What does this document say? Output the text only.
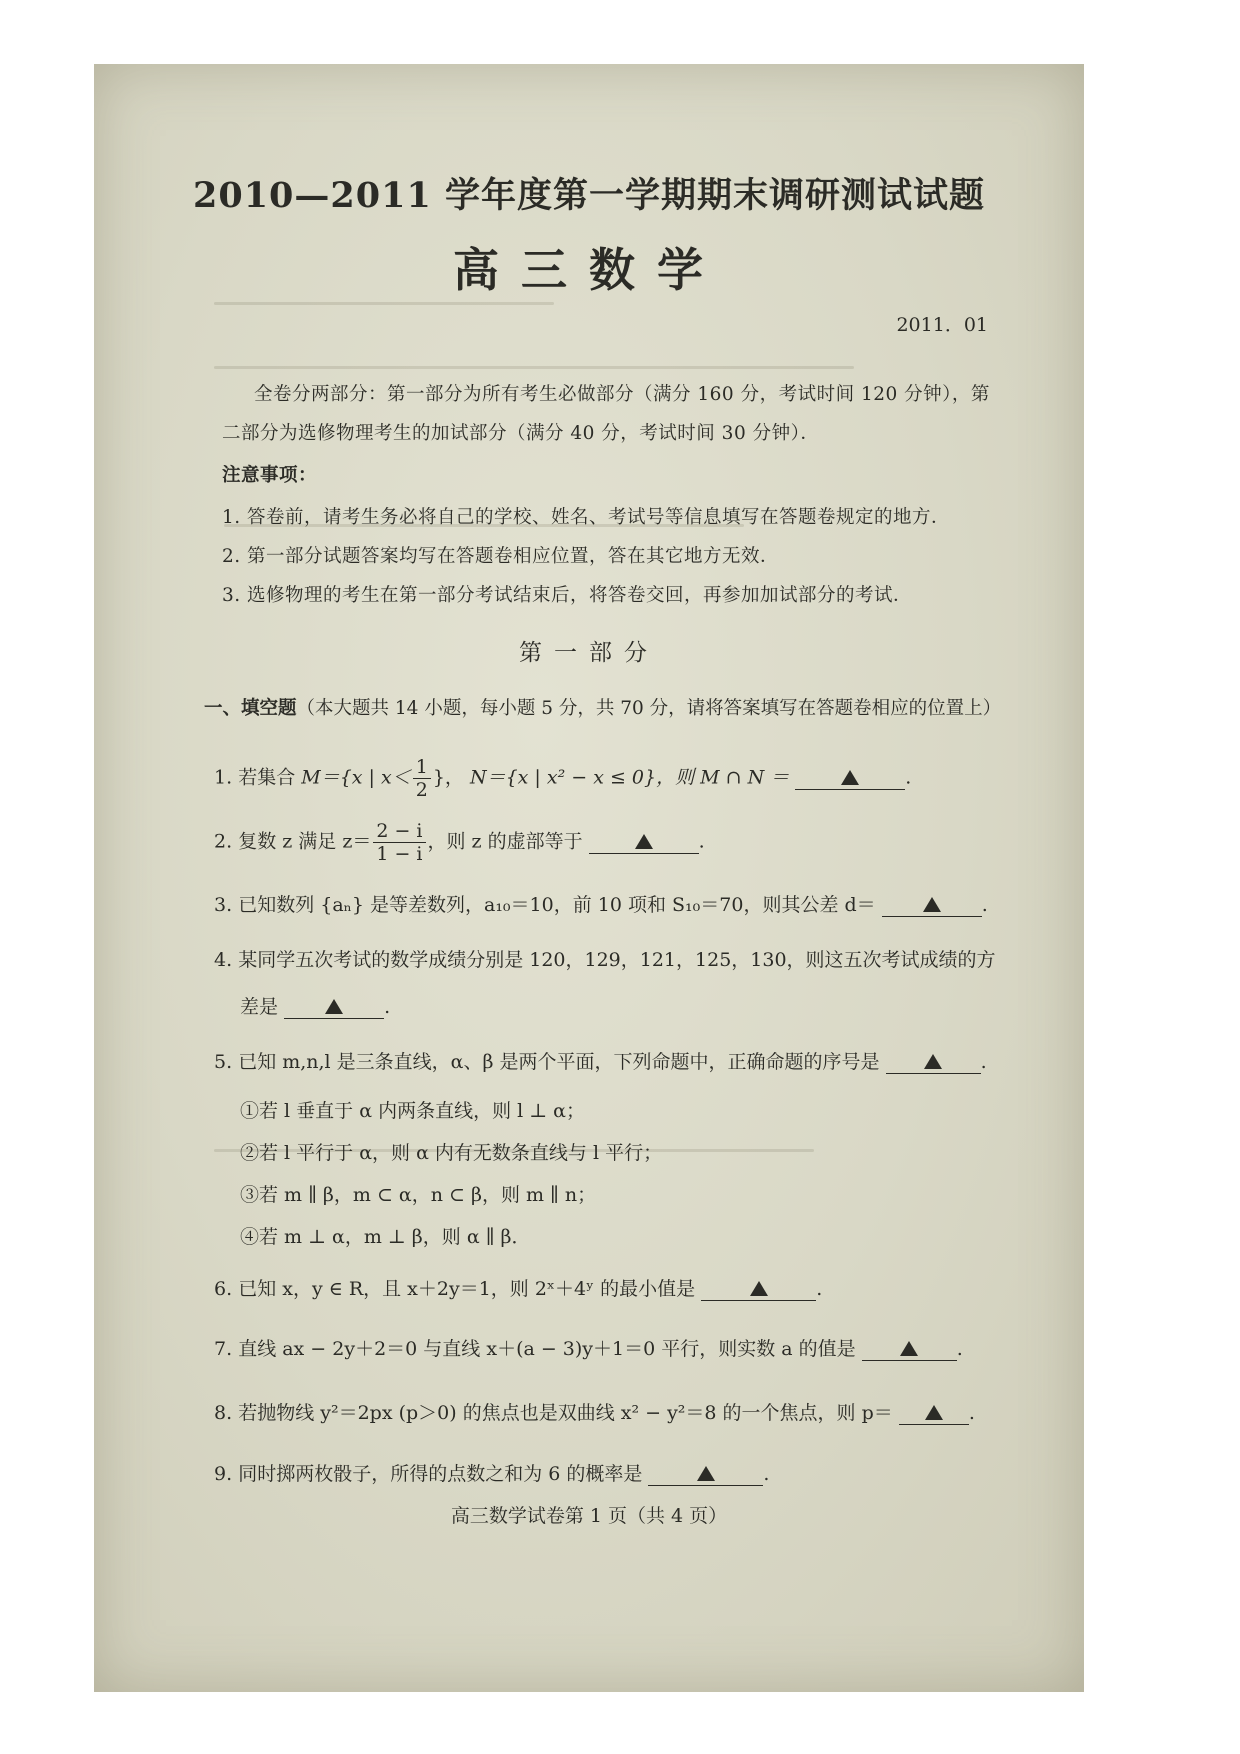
2010—2011 学年度第一学期期末调研测试试题
高三数学
2011．01
全卷分两部分：第一部分为所有考生必做部分（满分 160 分，考试时间 120 分钟），第
二部分为选修物理考生的加试部分（满分 40 分，考试时间 30 分钟）．
注意事项：
1. 答卷前，请考生务必将自己的学校、姓名、考试号等信息填写在答题卷规定的地方．
2. 第一部分试题答案均写在答题卷相应位置，答在其它地方无效．
3. 选修物理的考生在第一部分考试结束后，将答卷交回，再参加加试部分的考试．
第一部分
一、填空题（本大题共 14 小题，每小题 5 分，共 70 分，请将答案填写在答题卷相应的位置上）
1. 若集合 M＝{x | $x< \frac{1}{2}$ }， N＝{x | x² − x ≤ 0}，则 M ∩ N ＝	.
2. 复数 z 满足 $z= \frac{2 - i}{1 - i}$ ，则 z 的虚部等于	.
3. 已知数列 {aₙ} 是等差数列，a₁₀＝10，前 10 项和 S₁₀＝70，则其公差 d＝	.
4. 某同学五次考试的数学成绩分别是 120，129，121，125，130，则这五次考试成绩的方
差是	.
5. 已知 m,n,l 是三条直线，α、β 是两个平面，下列命题中，正确命题的序号是	.
①若 l 垂直于 α 内两条直线，则 l ⊥ α；
②若 l 平行于 α，则 α 内有无数条直线与 l 平行；
③若 m ∥ β，m ⊂ α，n ⊂ β，则 m ∥ n；
④若 m ⊥ α，m ⊥ β，则 α ∥ β．
6. 已知 x，y ∈ R，且 x＋2y＝1，则 2ˣ＋4ʸ 的最小值是	.
7. 直线 ax − 2y＋2＝0 与直线 x＋(a − 3)y＋1＝0 平行，则实数 a 的值是	.
8. 若抛物线 y²＝2px (p＞0) 的焦点也是双曲线 x² − y²＝8 的一个焦点，则 p＝	.
9. 同时掷两枚骰子，所得的点数之和为 6 的概率是	.
高三数学试卷第 1 页（共 4 页）
